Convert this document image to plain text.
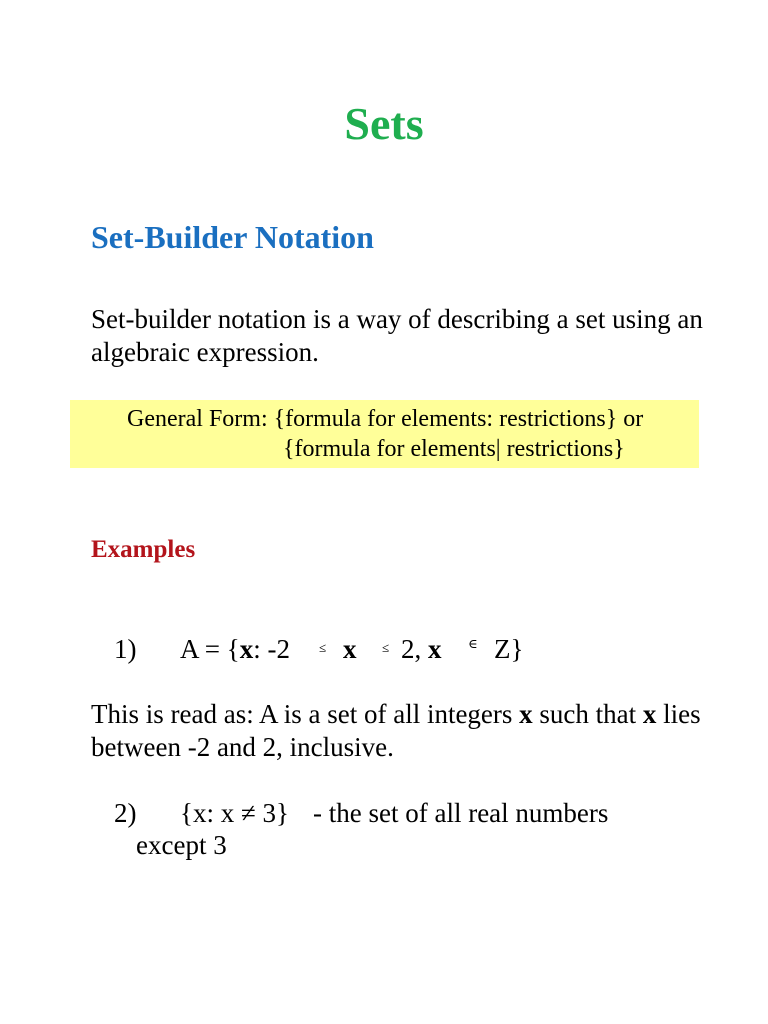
Sets
Set-Builder Notation
Set-builder notation is a way of describing a set using an algebraic expression.
General Form: {formula for elements: restrictions} or
{formula for elements| restrictions}
Examples
1) A = {x: -2 ≤ x ≤ 2, x ∈ Z}
This is read as: A is a set of all integers x such that x lies between -2 and 2, inclusive.
2) {x: x ≠ 3} - the set of all real numbers
except 3
